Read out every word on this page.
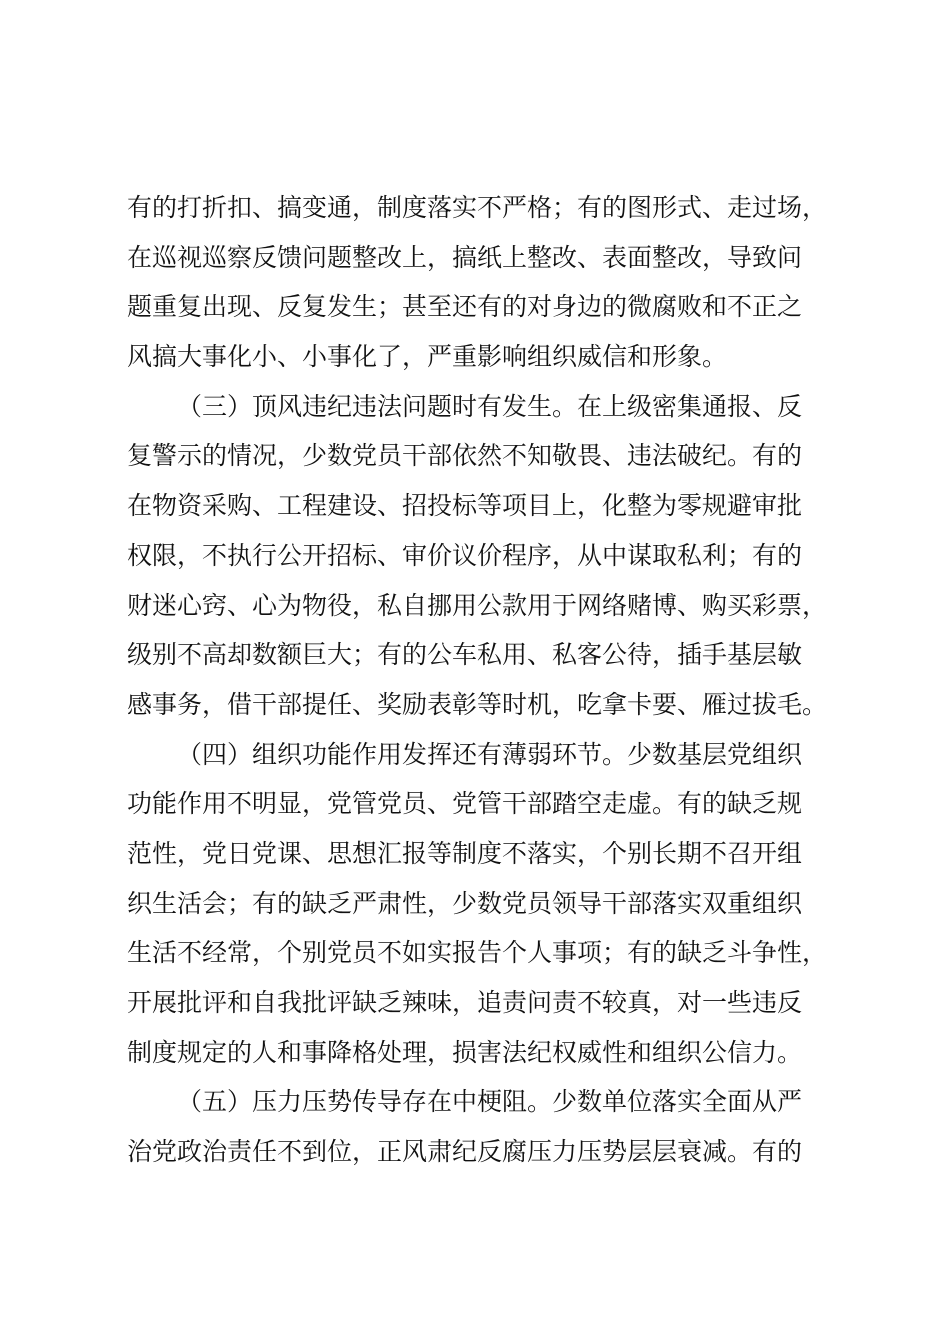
有的打折扣、搞变通，制度落实不严格；有的图形式、走过场，
在巡视巡察反馈问题整改上，搞纸上整改、表面整改，导致问
题重复出现、反复发生；甚至还有的对身边的微腐败和不正之
风搞大事化小、小事化了，严重影响组织威信和形象。
（三）顶风违纪违法问题时有发生。在上级密集通报、反
复警示的情况，少数党员干部依然不知敬畏、违法破纪。有的
在物资采购、工程建设、招投标等项目上，化整为零规避审批
权限，不执行公开招标、审价议价程序，从中谋取私利；有的
财迷心窍、心为物役，私自挪用公款用于网络赌博、购买彩票，
级别不高却数额巨大；有的公车私用、私客公待，插手基层敏
感事务，借干部提任、奖励表彰等时机，吃拿卡要、雁过拔毛。
（四）组织功能作用发挥还有薄弱环节。少数基层党组织
功能作用不明显，党管党员、党管干部踏空走虚。有的缺乏规
范性，党日党课、思想汇报等制度不落实，个别长期不召开组
织生活会；有的缺乏严肃性，少数党员领导干部落实双重组织
生活不经常，个别党员不如实报告个人事项；有的缺乏斗争性，
开展批评和自我批评缺乏辣味，追责问责不较真，对一些违反
制度规定的人和事降格处理，损害法纪权威性和组织公信力。
（五）压力压势传导存在中梗阻。少数单位落实全面从严
治党政治责任不到位，正风肃纪反腐压力压势层层衰减。有的
